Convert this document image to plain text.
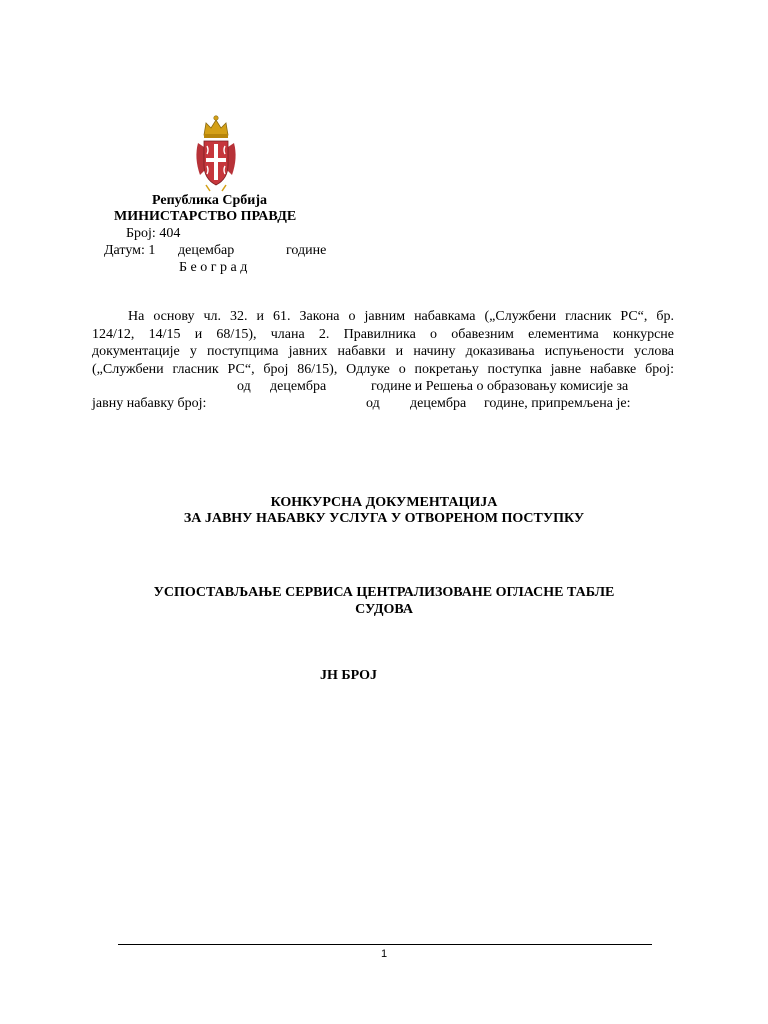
Република Србија
МИНИСТАРСТВО ПРАВДЕ
Број: 404
Датум: 1 децембар	године
Б е о г р а д
На основу чл. 32. и 61. Закона о јавним набавкама („Службени гласник РС“, бр.
124/12, 14/15 и 68/15), члана 2. Правилника о обавезним елементима конкурсне
документације у поступцима јавних набавки и начину доказивања испуњености услова
(„Службени гласник РС“, број 86/15), Одлуке о покретању поступка јавне набавке број:
од децембра	године и Решења о образовању комисије за
јавну набавку број:	од децембра године, припремљена је:
КОНКУРСНА ДОКУМЕНТАЦИЈА
ЗА ЈАВНУ НАБАВКУ УСЛУГА У ОТВОРЕНОМ ПОСТУПКУ
УСПОСТАВЉАЊЕ СЕРВИСА ЦЕНТРАЛИЗОВАНЕ ОГЛАСНЕ ТАБЛЕ
СУДОВА
ЈН БРОЈ
1
